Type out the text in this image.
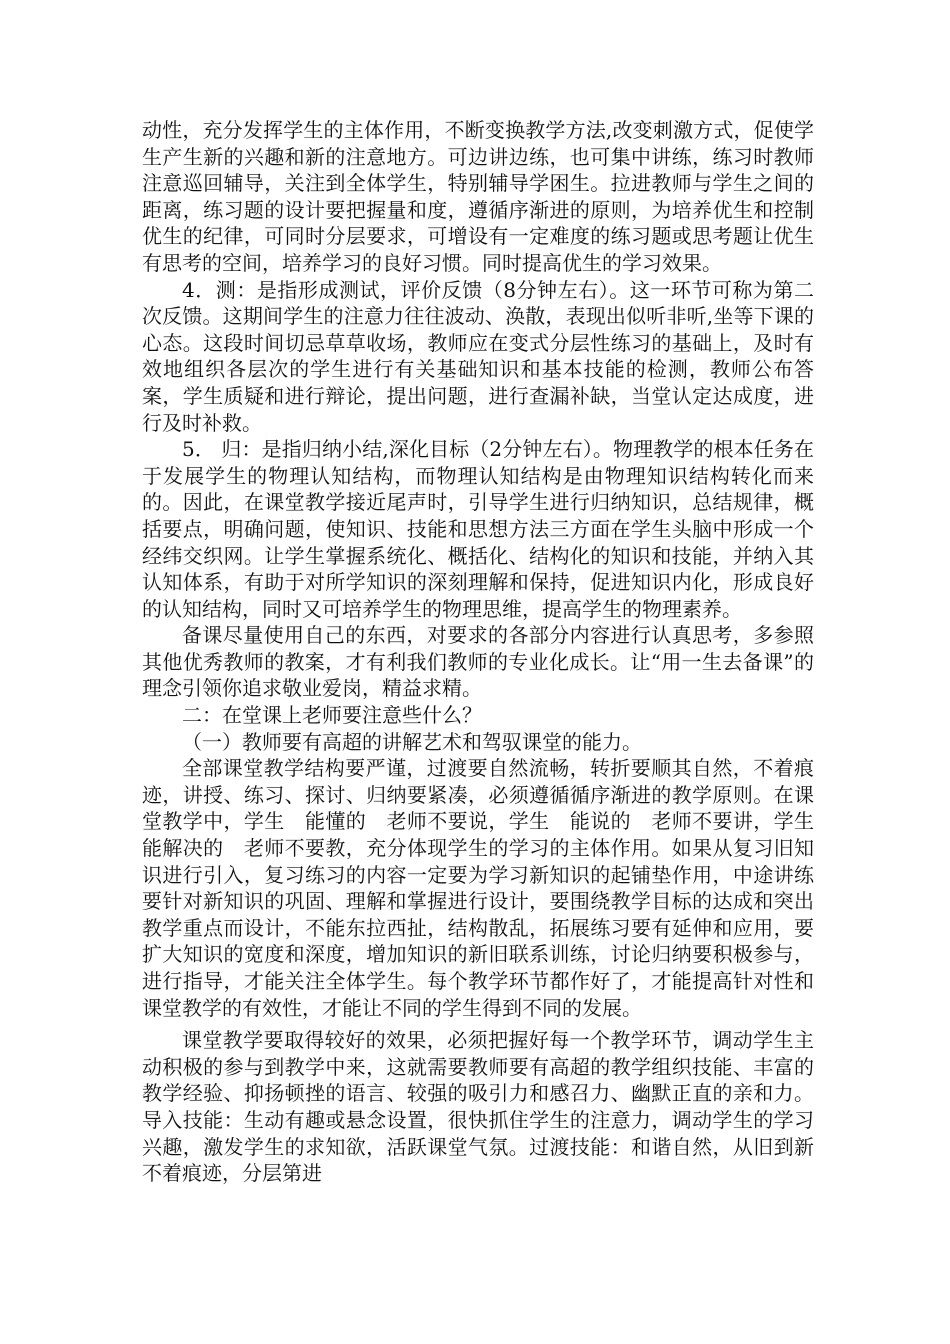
动性，充分发挥学生的主体作用，不断变换教学方法,改变刺激方式，促使学生产生新的兴趣和新的注意地方。可边讲边练，也可集中讲练，练习时教师注意巡回辅导，关注到全体学生，特别辅导学困生。拉进教师与学生之间的距离，练习题的设计要把握量和度，遵循序渐进的原则，为培养优生和控制优生的纪律，可同时分层要求，可增设有一定难度的练习题或思考题让优生有思考的空间，培养学习的良好习惯。同时提高优生的学习效果。

4．测：是指形成测试，评价反馈（8分钟左右）。这一环节可称为第二次反馈。这期间学生的注意力往往波动、涣散，表现出似听非听,坐等下课的心态。这段时间切忌草草收场，教师应在变式分层性练习的基础上，及时有效地组织各层次的学生进行有关基础知识和基本技能的检测，教师公布答案，学生质疑和进行辩论，提出问题，进行查漏补缺，当堂认定达成度，进行及时补救。

5． 归：是指归纳小结,深化目标（2分钟左右）。物理教学的根本任务在于发展学生的物理认知结构，而物理认知结构是由物理知识结构转化而来的。因此，在课堂教学接近尾声时，引导学生进行归纳知识，总结规律，概括要点，明确问题，使知识、技能和思想方法三方面在学生头脑中形成一个经纬交织网。让学生掌握系统化、概括化、结构化的知识和技能，并纳入其认知体系，有助于对所学知识的深刻理解和保持，促进知识内化，形成良好的认知结构，同时又可培养学生的物理思维，提高学生的物理素养。

备课尽量使用自己的东西，对要求的各部分内容进行认真思考，多参照其他优秀教师的教案，才有利我们教师的专业化成长。让“用一生去备课”的理念引领你追求敬业爱岗，精益求精。

二：在堂课上老师要注意些什么？

（一）教师要有高超的讲解艺术和驾驭课堂的能力。

全部课堂教学结构要严谨，过渡要自然流畅，转折要顺其自然，不着痕迹，讲授、练习、探讨、归纳要紧凑，必须遵循循序渐进的教学原则。在课堂教学中，学生　能懂的　老师不要说，学生　能说的　老师不要讲，学生　能解决的　老师不要教，充分体现学生的学习的主体作用。如果从复习旧知识进行引入，复习练习的内容一定要为学习新知识的起铺垫作用，中途讲练要针对新知识的巩固、理解和掌握进行设计，要围绕教学目标的达成和突出教学重点而设计，不能东拉西扯，结构散乱，拓展练习要有延伸和应用，要扩大知识的宽度和深度，增加知识的新旧联系训练，讨论归纳要积极参与，进行指导，才能关注全体学生。每个教学环节都作好了，才能提高针对性和课堂教学的有效性，才能让不同的学生得到不同的发展。

课堂教学要取得较好的效果，必须把握好每一个教学环节，调动学生主动积极的参与到教学中来，这就需要教师要有高超的教学组织技能、丰富的教学经验、抑扬顿挫的语言、较强的吸引力和感召力、幽默正直的亲和力。导入技能：生动有趣或悬念设置，很快抓住学生的注意力，调动学生的学习兴趣，激发学生的求知欲，活跃课堂气氛。过渡技能：和谐自然，从旧到新不着痕迹，分层第进
